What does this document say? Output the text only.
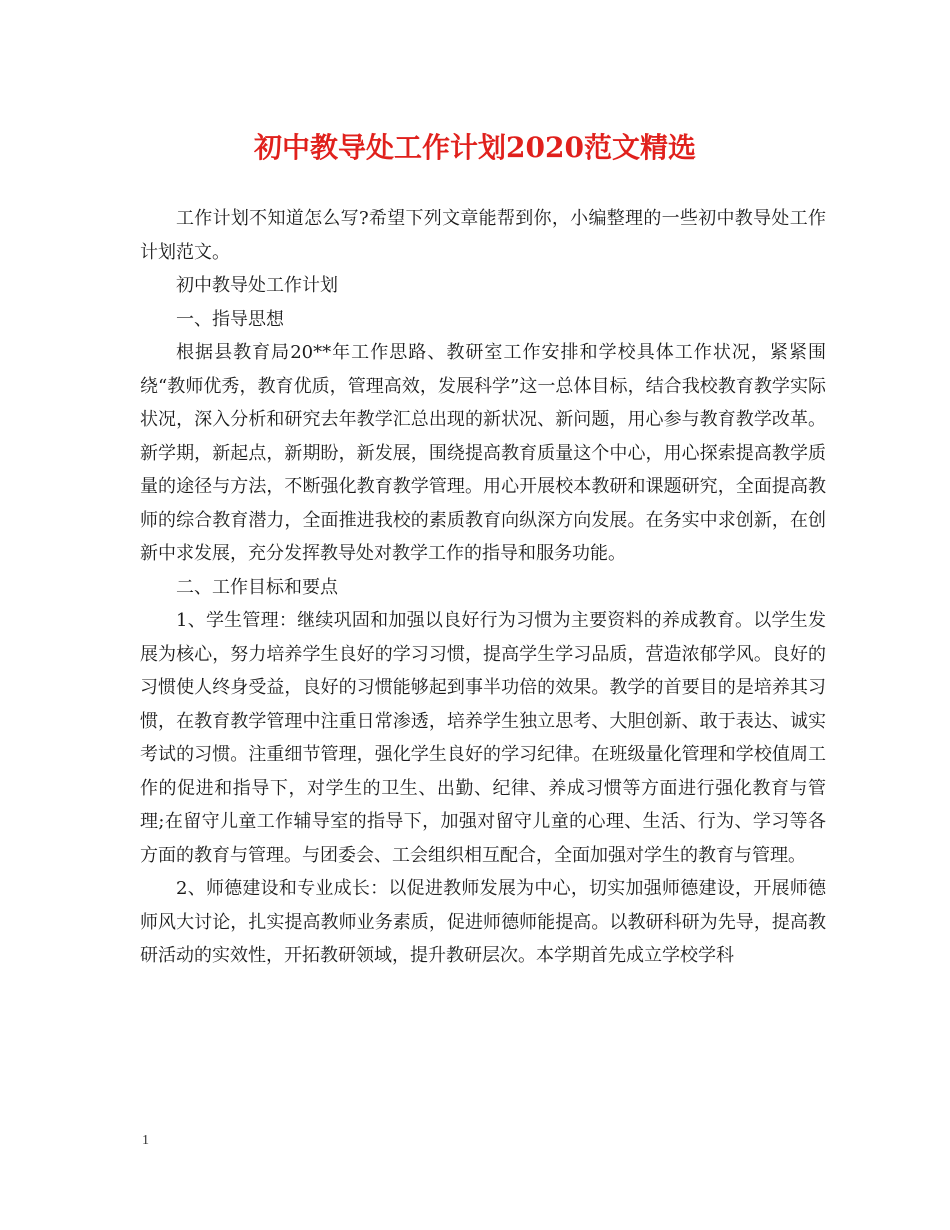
初中教导处工作计划2020范文精选

工作计划不知道怎么写?希望下列文章能帮到你，小编整理的一些初中教导处工作计划范文。

初中教导处工作计划

一、指导思想

根据县教育局20**年工作思路、教研室工作安排和学校具体工作状况，紧紧围绕“教师优秀，教育优质，管理高效，发展科学”这一总体目标，结合我校教育教学实际状况，深入分析和研究去年教学汇总出现的新状况、新问题，用心参与教育教学改革。新学期，新起点，新期盼，新发展，围绕提高教育质量这个中心，用心探索提高教学质量的途径与方法，不断强化教育教学管理。用心开展校本教研和课题研究，全面提高教师的综合教育潜力，全面推进我校的素质教育向纵深方向发展。在务实中求创新，在创新中求发展，充分发挥教导处对教学工作的指导和服务功能。

二、工作目标和要点

1、学生管理：继续巩固和加强以良好行为习惯为主要资料的养成教育。以学生发展为核心，努力培养学生良好的学习习惯，提高学生学习品质，营造浓郁学风。良好的习惯使人终身受益，良好的习惯能够起到事半功倍的效果。教学的首要目的是培养其习惯，在教育教学管理中注重日常渗透，培养学生独立思考、大胆创新、敢于表达、诚实考试的习惯。注重细节管理，强化学生良好的学习纪律。在班级量化管理和学校值周工作的促进和指导下，对学生的卫生、出勤、纪律、养成习惯等方面进行强化教育与管理;在留守儿童工作辅导室的指导下，加强对留守儿童的心理、生活、行为、学习等各方面的教育与管理。与团委会、工会组织相互配合，全面加强对学生的教育与管理。

2、师德建设和专业成长：以促进教师发展为中心，切实加强师德建设，开展师德师风大讨论，扎实提高教师业务素质，促进师德师能提高。以教研科研为先导，提高教研活动的实效性，开拓教研领域，提升教研层次。本学期首先成立学校学科

1
